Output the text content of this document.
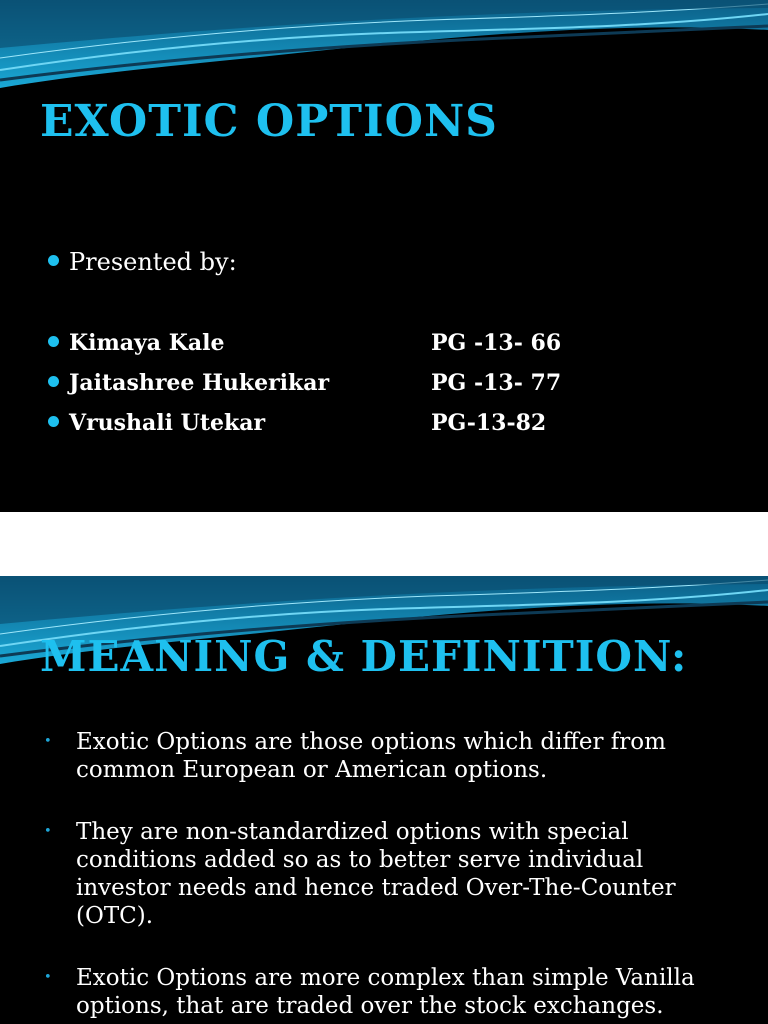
EXOTIC OPTIONS
Presented by:
Kimaya Kale	PG -13- 66
Jaitashree Hukerikar	PG -13- 77
Vrushali Utekar	PG-13-82
MEANING & DEFINITION:
• Exotic Options are those options which differ from common European or American options.
• They are non-standardized options with special conditions added so as to better serve individual investor needs and hence traded Over-The-Counter (OTC).
• Exotic Options are more complex than simple Vanilla options, that are traded over the stock exchanges.
